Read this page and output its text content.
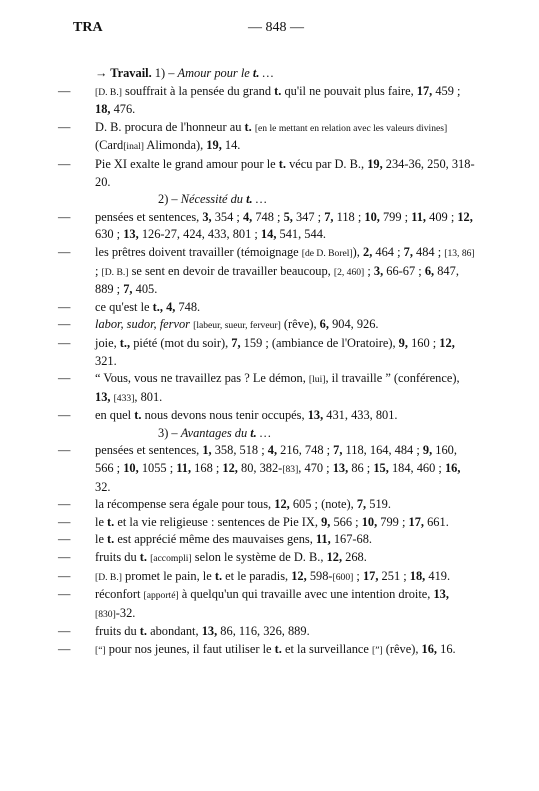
TRA	— 848 —
→ Travail. 1) – Amour pour le t. …
—	[D. B.] souffrait à la pensée du grand t. qu'il ne pouvait plus faire, 17, 459 ; 18, 476.
— D. B. procura de l'honneur au t. [en le mettant en relation avec les valeurs divines] (Card[inal] Alimonda), 19, 14.
— Pie XI exalte le grand amour pour le t. vécu par D. B., 19, 234-36, 250, 318-20.
2) – Nécessité du t. …
— pensées et sentences, 3, 354 ; 4, 748 ; 5, 347 ; 7, 118 ; 10, 799 ; 11, 409 ; 12, 630 ; 13, 126-27, 424, 433, 801 ; 14, 541, 544.
— les prêtres doivent travailler (témoignage [de D. Borel]), 2, 464 ; 7, 484 ; [13, 86] ; [D. B.] se sent en devoir de travailler beaucoup, [2, 460] ; 3, 66-67 ; 6, 847, 889 ; 7, 405.
— ce qu'est le t., 4, 748.
— labor, sudor, fervor [labeur, sueur, ferveur] (rêve), 6, 904, 926.
— joie, t., piété (mot du soir), 7, 159 ; (ambiance de l'Oratoire), 9, 160 ; 12, 321.
— “ Vous, vous ne travaillez pas ? Le démon, [lui], il travaille ” (conférence), 13, [433], 801.
— en quel t. nous devons nous tenir occupés, 13, 431, 433, 801.
3) – Avantages du t. …
— pensées et sentences, 1, 358, 518 ; 4, 216, 748 ; 7, 118, 164, 484 ; 9, 160, 566 ; 10, 1055 ; 11, 168 ; 12, 80, 382-[83], 470 ; 13, 86 ; 15, 184, 460 ; 16, 32.
— la récompense sera égale pour tous, 12, 605 ; (note), 7, 519.
— le t. et la vie religieuse : sentences de Pie IX, 9, 566 ; 10, 799 ; 17, 661.
— le t. est apprécié même des mauvaises gens, 11, 167-68.
— fruits du t. [accompli] selon le système de D. B., 12, 268.
—	[D. B.] promet le pain, le t. et le paradis, 12, 598-[600] ; 17, 251 ; 18, 419.
— réconfort [apporté] à quelqu'un qui travaille avec une intention droite, 13, [830]-32.
— fruits du t. abondant, 13, 86, 116, 326, 889.
—	[“] pour nos jeunes, il faut utiliser le t. et la surveillance [”] (rêve), 16, 16.
